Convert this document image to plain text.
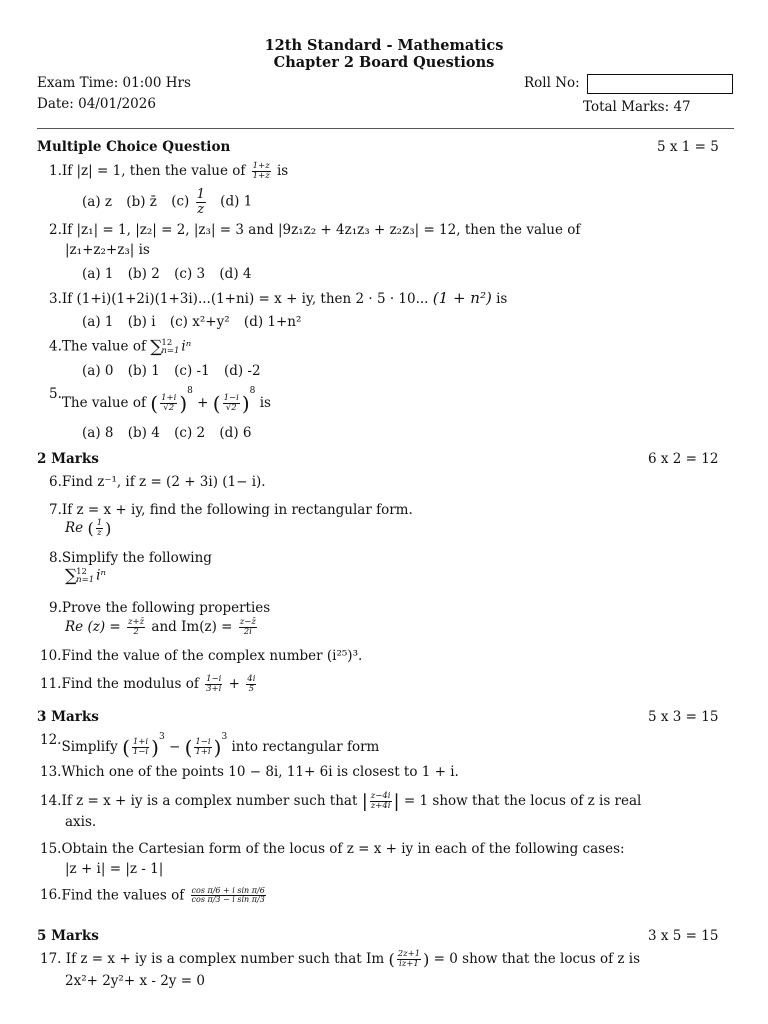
12th Standard - Mathematics
Chapter 2 Board Questions
Exam Time: 01:00 Hrs
Date: 04/01/2026
Roll No:
Total Marks: 47
Multiple Choice Question	5 x 1 = 5
1.If |z| = 1, then the value of $\frac{1+z}{1+z̄}$ is
(a) z (b) z̄ $(c) \frac{1}{z} (d)$ 1
2.If |z₁| = 1, |z₂| = 2, |z₃| = 3 and |9z₁z₂ + 4z₁z₃ + z₂z₃| = 12, then the value of
|z₁+z₂+z₃| is
(a) 1 (b) 2 (c) 3 (d) 4
3.If (1+i)(1+2i)(1+3i)...(1+ni) = x + iy, then 2 · 5 · 10... (1 + n²) is
(a) 1 (b) i (c) x²+y² (d) 1+n²
4.The value of ∑ 12
n=1 iⁿ
(a) 0 (b) 1 (c) -1 (d) -2
5.The value of ( $\frac{1+i}{√2} )^8$ + ( $\frac{1-i}{√2} )^8$ is
(a) 8 (b) 4 (c) 2 (d) 6
2 Marks	6 x 2 = 12
6.Find z⁻¹, if z = (2 + 3i) (1− i).
7.If z = x + iy, find the following in rectangular form.
Re ( $\frac{1}{z}$ )
8.Simplify the following
∑ 12
n=1 iⁿ
9.Prove the following properties
Re $(z) = \frac{z+z̄}{2}$ and $Im(z) = \frac{z-z̄}{2i}$
10.Find the value of the complex number (i²⁵)³.
11.Find the modulus of $\frac{1-i}{3+i} + \frac{4i}{5}$
3 Marks	5 x 3 = 15
12.Simplify ( $\frac{1+i}{1-i} )^3$ − ( $\frac{1-i}{1+i} )^3$ into rectangular form
13.Which one of the points 10 − 8i, 11+ 6i is closest to 1 + i.
14.If z = x + iy is a complex number such that | $\frac{z-4i}{z+4i}$ | = 1 show that the locus of z is real
axis.
15.Obtain the Cartesian form of the locus of z = x + iy in each of the following cases:
|z + i| = |z - 1|
16.Find the values of $\frac{\text{cos π/6 + i sin π/6}}{\text{cos π/3 − i sin π/3}}$
5 Marks	3 x 5 = 15
17. If z = x + iy is a complex number such that Im ( $\frac{2z+1}{iz+1}$ ) = 0 show that the locus of z is
2x²+ 2y²+ x - 2y = 0
